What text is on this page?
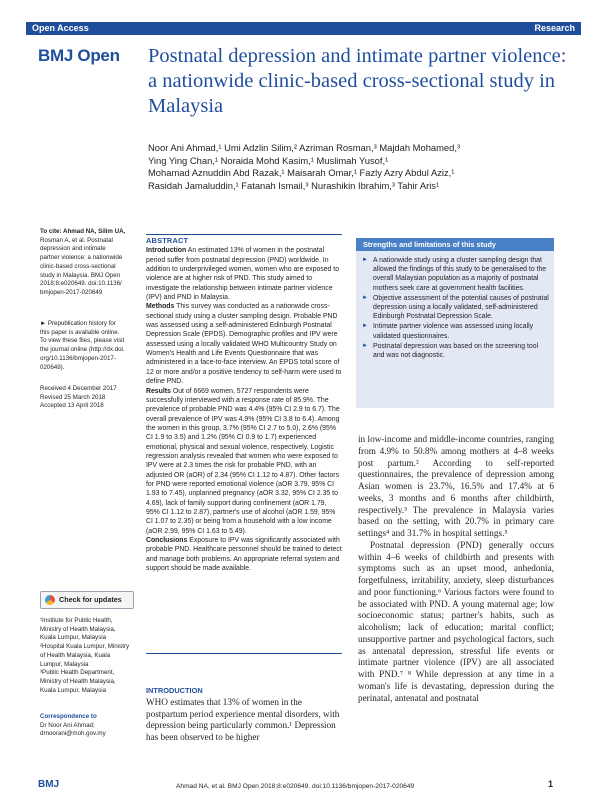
Open Access	Research
BMJ Open Postnatal depression and intimate partner violence: a nationwide clinic-based cross-sectional study in Malaysia
Noor Ani Ahmad,¹ Umi Adzlin Silim,² Azriman Rosman,³ Majdah Mohamed,³
Ying Ying Chan,¹ Noraida Mohd Kasim,¹ Muslimah Yusof,¹
Mohamad Aznuddin Abd Razak,¹ Maisarah Omar,¹ Fazly Azry Abdul Aziz,¹
Rasidah Jamaluddin,¹ Fatanah Ismail,³ Nurashikin Ibrahim,³ Tahir Aris¹
To cite: Ahmad NA, Silim UA,
Rosman A, et al. Postnatal
depression and intimate
partner violence: a nationwide
clinic-based cross-sectional
study in Malaysia. BMJ Open
2018;8:e020649. doi:10.1136/
bmjopen-2017-020649
► Prepublication history for
this paper is available online.
To view these files, please visit
the journal online (http://dx.doi.
org/10.1136/bmjopen-2017-
020649).
Received 4 December 2017
Revised 25 March 2018
Accepted 13 April 2018
Check for updates
¹Institute for Public Health,
Ministry of Health Malaysia,
Kuala Lumpur, Malaysia
²Hospital Kuala Lumpur, Ministry
of Health Malaysia, Kuala
Lumpur, Malaysia
³Public Health Department,
Ministry of Health Malaysia,
Kuala Lumpur, Malaysia
Correspondence to
Dr Noor Ani Ahmad;
drnoorani@moh.gov.my
ABSTRACT

Introduction An estimated 13% of women in the postnatal period suffer from postnatal depression (PND) worldwide. In addition to underprivileged women, women who are exposed to violence are at higher risk of PND. This study aimed to investigate the relationship between intimate partner violence (IPV) and PND in Malaysia.

Methods This survey was conducted as a nationwide cross-sectional study using a cluster sampling design. Probable PND was assessed using a self-administered Edinburgh Postnatal Depression Scale (EPDS). Demographic profiles and IPV were assessed using a locally validated WHO Multicountry Study on Women's Health and Life Events Questionnaire that was administered in a face-to-face interview. An EPDS total score of 12 or more and/or a positive tendency to self-harm were used to define PND.

Results Out of 6669 women, 5727 respondents were successfully interviewed with a response rate of 85.9%. The prevalence of probable PND was 4.4% (95% CI 2.9 to 6.7). The overall prevalence of IPV was 4.9% (95% CI 3.8 to 6.4). Among the women in this group, 3.7% (95% CI 2.7 to 5.0), 2.6% (95% CI 1.9 to 3.5) and 1.2% (95% CI 0.9 to 1.7) experienced emotional, physical and sexual violence, respectively. Logistic regression analysis revealed that women who were exposed to IPV were at 2.3 times the risk for probable PND, with an adjusted OR (aOR) of 2.34 (95% CI 1.12 to 4.87). Other factors for PND were reported emotional violence (aOR 3.79, 95% CI 1.93 to 7.45), unplanned pregnancy (aOR 3.32, 95% CI 2.35 to 4.69), lack of family support during confinement (aOR 1.79, 95% CI 1.12 to 2.87), partner's use of alcohol (aOR 1.59, 95% CI 1.07 to 2.35) or being from a household with a low income (aOR 2.99, 95% CI 1.63 to 5.49).

Conclusions Exposure to IPV was significantly associated with probable PND. Healthcare personnel should be trained to detect and manage both problems. An appropriate referral system and support should be made available.

INTRODUCTION
WHO estimates that 13% of women in the postpartum period experience mental disorders, with depression being particularly common.¹ Depression has been observed to be higher
Strengths and limitations of this study
► A nationwide study using a cluster sampling design that allowed the findings of this study to be generalised to the overall Malaysian population as a majority of postnatal mothers seek care at government health facilities.
► Objective assessment of the potential causes of postnatal depression using a locally validated, self-administered Edinburgh Postnatal Depression Scale.
► Intimate partner violence was assessed using locally validated questionnaires.
► Postnatal depression was based on the screening tool and was not diagnostic.

in low-income and middle-income countries, ranging from 4.9% to 50.8% among mothers at 4–8 weeks post partum.² According to self-reported questionnaires, the prevalence of depression among Asian women is 23.7%, 16.5% and 17.4% at 6 weeks, 3 months and 6 months after childbirth, respectively.³ The prevalence in Malaysia varies based on the setting, with 20.7% in primary care settings⁴ and 31.7% in hospital settings.⁵

Postnatal depression (PND) generally occurs within 4–6 weeks of childbirth and presents with symptoms such as an upset mood, anhedonia, forgetfulness, irritability, anxiety, sleep disturbances and poor functioning.⁶ Various factors were found to be associated with PND. A young maternal age; low socioeconomic status; partner's habits, such as alcoholism; lack of education; marital conflict; unsupportive partner and psychological factors, such as antenatal depression, stressful life events or intimate partner violence (IPV) are all associated with PND.⁷ ⁸ While depression at any time in a woman's life is devastating, depression during the perinatal, antenatal and postnatal

BMJ	Ahmad NA, et al. BMJ Open 2018;8:e020649. doi:10.1136/bmjopen-2017-020649	1
